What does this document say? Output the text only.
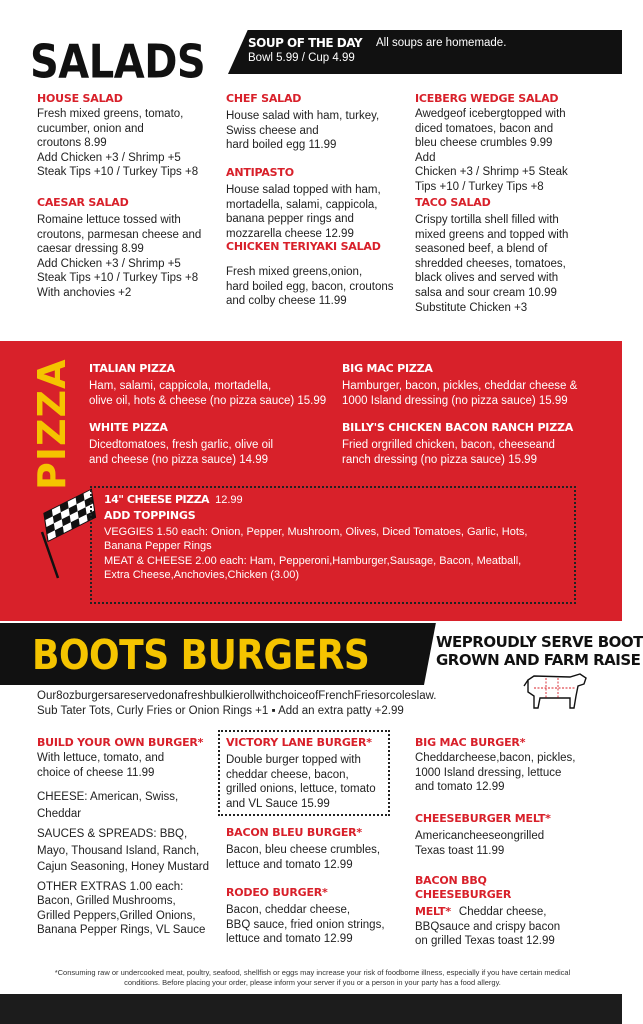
SALADS	SOUP OF THE DAY
Bowl 5.99 / Cup 4.99
All soups are homemade.
HOUSE SALAD
Fresh mixed greens, tomato,
cucumber, onion and
croutons 8.99
Add Chicken +3 / Shrimp +5
Steak Tips +10 / Turkey Tips +8
CAESAR SALAD
Romaine lettuce tossed with
croutons, parmesan cheese and
caesar dressing 8.99
Add Chicken +3 / Shrimp +5
Steak Tips +10 / Turkey Tips +8
With anchovies +2
CHEF SALAD
House salad with ham, turkey,
Swiss cheese and
hard boiled egg 11.99
ANTIPASTO
House salad topped with ham,
mortadella, salami, cappicola,
banana pepper rings and
mozzarella cheese 12.99
CHICKEN TERIYAKI SALAD
Fresh mixed greens,onion,
hard boiled egg, bacon, croutons
and colby cheese 11.99
ICEBERG WEDGE SALAD
Awedgeof icebergtopped with
diced tomatoes, bacon and
bleu cheese crumbles 9.99 Add
Chicken +3 / Shrimp +5 Steak
Tips +10 / Turkey Tips +8
TACO SALAD
Crispy tortilla shell filled with
mixed greens and topped with
seasoned beef, a blend of
shredded cheeses, tomatoes,
black olives and served with
salsa and sour cream 10.99
Substitute Chicken +3
PIZZA ITALIAN PIZZA
Ham, salami, cappicola, mortadella,
olive oil, hots & cheese (no pizza sauce) 15.99
WHITE PIZZA
Dicedtomatoes, fresh garlic, olive oil
and cheese (no pizza sauce) 14.99
BIG MAC PIZZA
Hamburger, bacon, pickles, cheddar cheese &
1000 Island dressing (no pizza sauce) 15.99
BILLY'S CHICKEN BACON RANCH PIZZA
Fried orgrilled chicken, bacon, cheeseand
ranch dressing (no pizza sauce) 15.99
14" CHEESE PIZZA 12.99
ADD TOPPINGS
VEGGIES 1.50 each: Onion, Pepper, Mushroom, Olives, Diced Tomatoes, Garlic, Hots,
Banana Pepper Rings
MEAT & CHEESE 2.00 each: Ham, Pepperoni,Hamburger,Sausage, Bacon, Meatball,
Extra Cheese,Anchovies,Chicken (3.00)
BOOTS BURGERS	WEPROUDLY SERVE BOOT
GROWN AND FARM RAISE
Our8ozburgersareservedonafreshbulkierollwithchoiceofFrenchFriesorcoleslaw.
Sub Tater Tots, Curly Fries or Onion Rings +1 ▪ Add an extra patty +2.99
BUILD YOUR OWN BURGER*
With lettuce, tomato, and
choice of cheese 11.99
CHEESE: American, Swiss,
Cheddar
SAUCES & SPREADS: BBQ,
Mayo, Thousand Island, Ranch,
Cajun Seasoning, Honey Mustard
OTHER EXTRAS 1.00 each:
Bacon, Grilled Mushrooms,
Grilled Peppers,Grilled Onions,
Banana Pepper Rings, VL Sauce
VICTORY LANE BURGER*
Double burger topped with
cheddar cheese, bacon,
grilled onions, lettuce, tomato
and VL Sauce 15.99
BACON BLEU BURGER*
Bacon, bleu cheese crumbles,
lettuce and tomato 12.99
RODEO BURGER*
Bacon, cheddar cheese,
BBQ sauce, fried onion strings,
lettuce and tomato 12.99
BIG MAC BURGER*
Cheddarcheese,bacon, pickles,
1000 Island dressing, lettuce
and tomato 12.99
CHEESEBURGER MELT*
Americancheeseongrilled
Texas toast 11.99
BACON BBQ CHEESEBURGER
MELT* Cheddar cheese,
BBQsauce and crispy bacon
on grilled Texas toast 12.99
*Consuming raw or undercooked meat, poultry, seafood, shellfish or eggs may increase your risk of foodborne illness, especially if you have certain medical conditions. Before placing your order, please inform your server if you or a person in your party has a food allergy.
